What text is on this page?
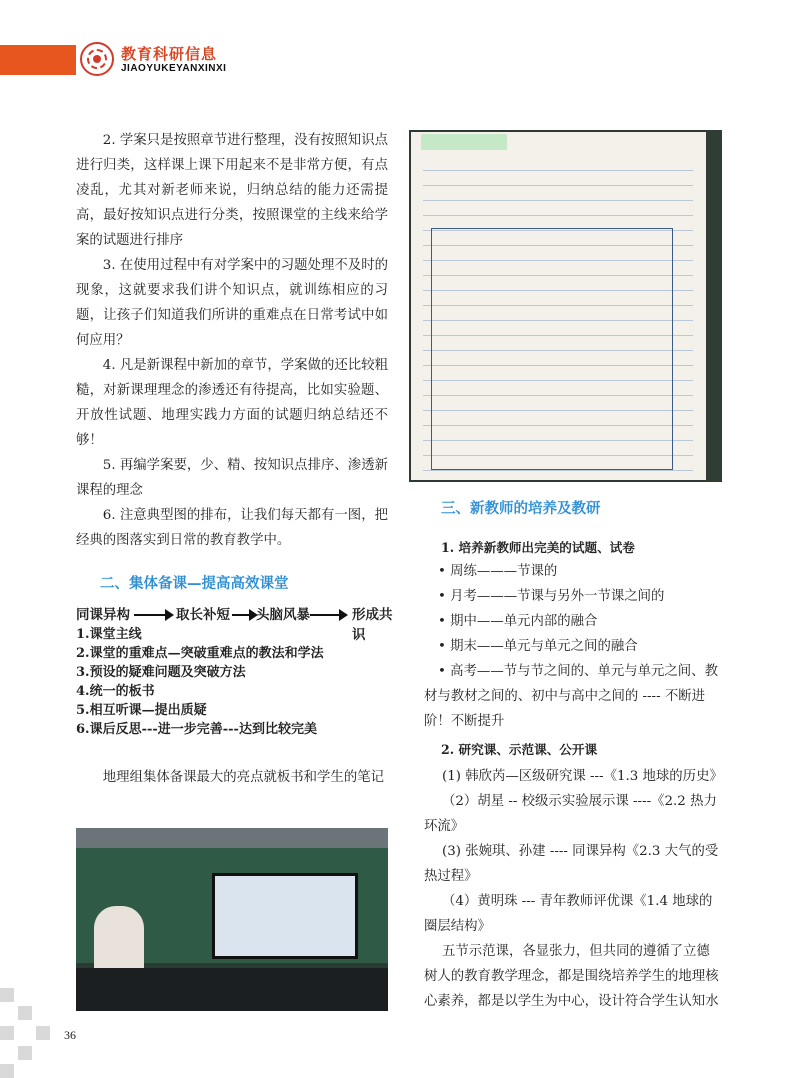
教育科研信息
JIAOYUKEYANXINXI

2. 学案只是按照章节进行整理，没有按照知识点进行归类，这样课上课下用起来不是非常方便，有点凌乱，尤其对新老师来说，归纳总结的能力还需提高，最好按知识点进行分类，按照课堂的主线来给学案的试题进行排序

3. 在使用过程中有对学案中的习题处理不及时的现象，这就要求我们讲个知识点，就训练相应的习题，让孩子们知道我们所讲的重难点在日常考试中如何应用？

4. 凡是新课程中新加的章节，学案做的还比较粗糙，对新课理理念的渗透还有待提高，比如实验题、开放性试题、地理实践力方面的试题归纳总结还不够！

5. 再编学案要，少、精、按知识点排序、渗透新课程的理念

6. 注意典型图的排布，让我们每天都有一图，把经典的图落实到日常的教育教学中。

二、集体备课—提高高效课堂
同课异构	取长补短 头脑风暴	形成共识
1.课堂主线
2.课堂的重难点—突破重难点的教法和学法
3.预设的疑难问题及突破方法
4.统一的板书
5.相互听课—提出质疑
6.课后反思---进一步完善---达到比较完美

地理组集体备课最大的亮点就板书和学生的笔记

三、新教师的培养及教研
1. 培养新教师出完美的试题、试卷
• 周练———节课的
• 月考———节课与另外一节课之间的
• 期中——单元内部的融合
• 期末——单元与单元之间的融合
• 高考——节与节之间的、单元与单元之间、教材与教材之间的、初中与高中之间的 ---- 不断进阶！不断提升
2. 研究课、示范课、公开课
(1) 韩欣芮—区级研究课 ---《1.3 地球的历史》
（2）胡星 -- 校级示实验展示课 ----《2.2 热力环流》
(3) 张婉琪、孙建 ---- 同课异构《2.3 大气的受热过程》
（4）黄明珠 --- 青年教师评优课《1.4 地球的圈层结构》
五节示范课，各显张力，但共同的遵循了立德树人的教育教学理念，都是围绕培养学生的地理核心素养，都是以学生为中心，设计符合学生认知水
36
